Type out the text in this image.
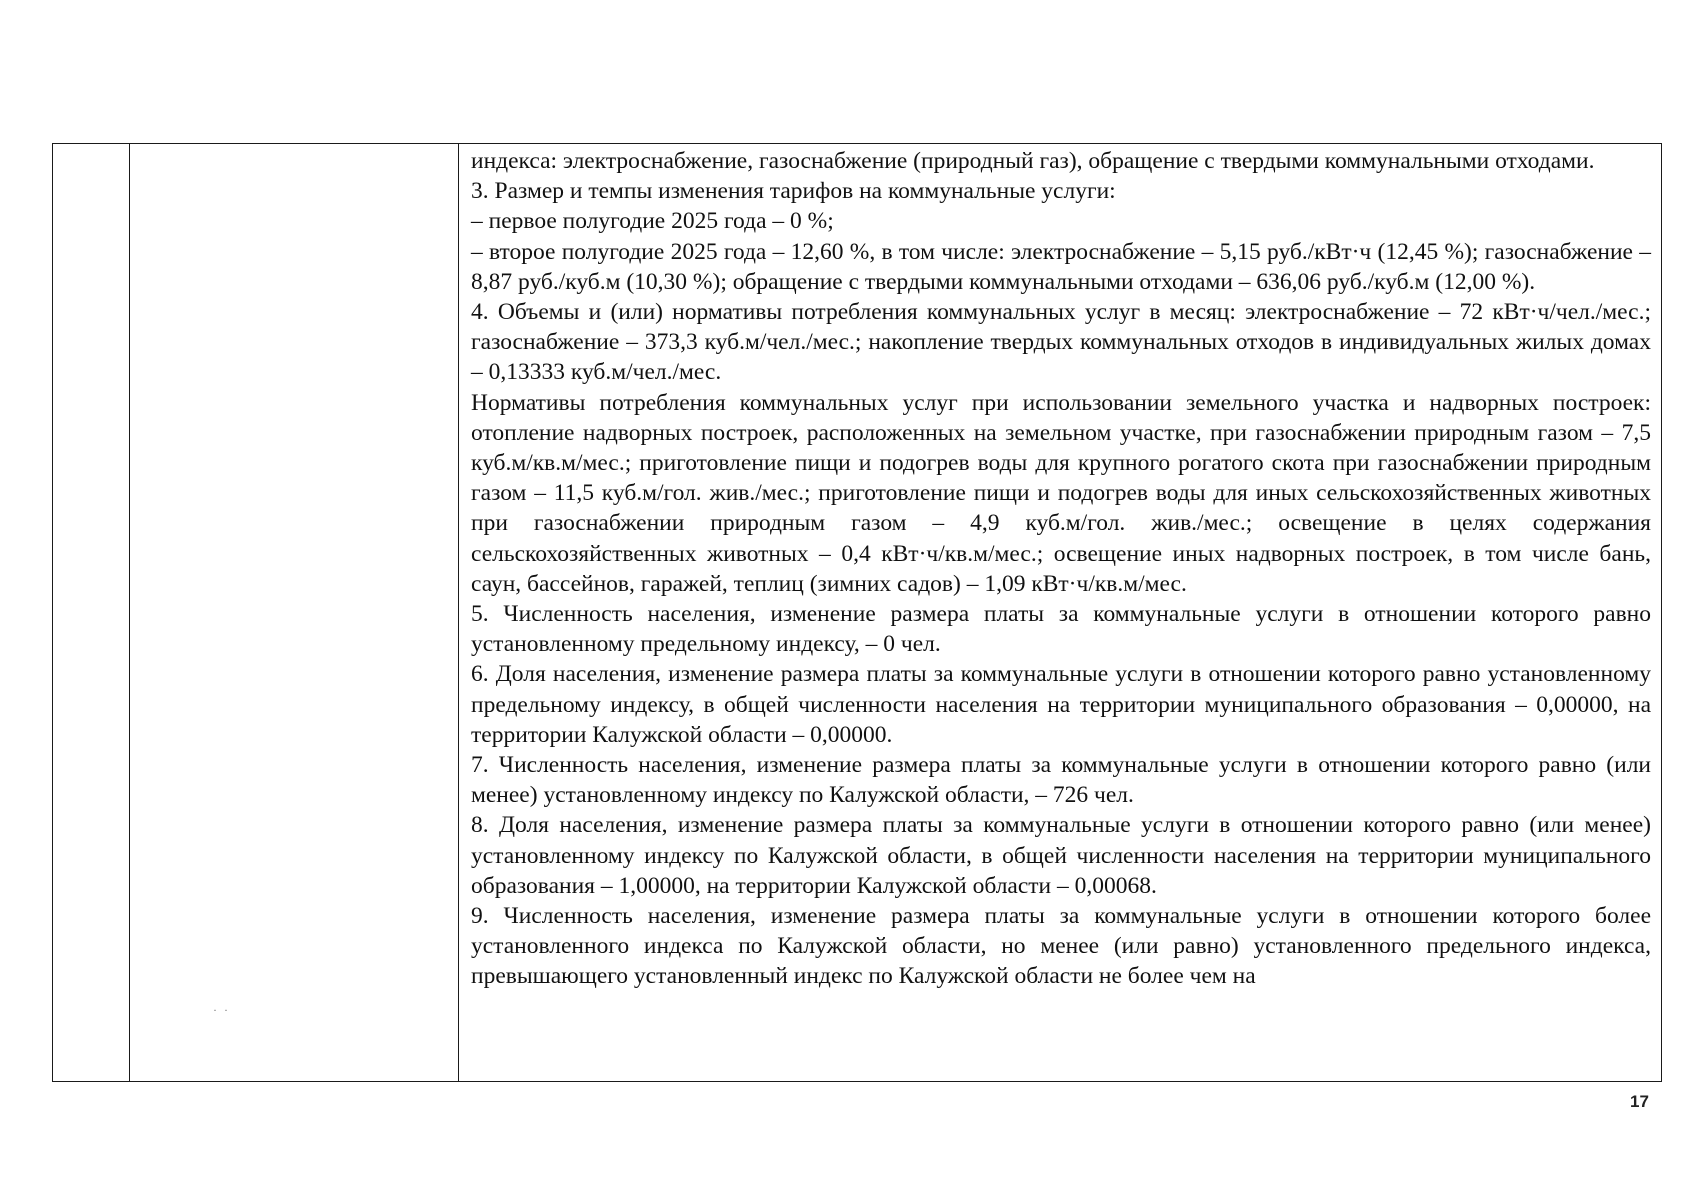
· ·

индекса: электроснабжение, газоснабжение (природный газ), обращение с твердыми коммунальными отходами.

3. Размер и темпы изменения тарифов на коммунальные услуги:

– первое полугодие 2025 года – 0 %;

– второе полугодие 2025 года – 12,60 %, в том числе: электроснабжение – 5,15 руб./кВт·ч (12,45 %); газоснабжение – 8,87 руб./куб.м (10,30 %); обращение с твердыми коммунальными отходами – 636,06 руб./куб.м (12,00 %).

4. Объемы и (или) нормативы потребления коммунальных услуг в месяц: электроснабжение – 72 кВт·ч/чел./мес.; газоснабжение – 373,3 куб.м/чел./мес.; накопление твердых коммунальных отходов в индивидуальных жилых домах – 0,13333 куб.м/чел./мес.

Нормативы потребления коммунальных услуг при использовании земельного участка и надворных построек: отопление надворных построек, расположенных на земельном участке, при газоснабжении природным газом – 7,5 куб.м/кв.м/мес.; приготовление пищи и подогрев воды для крупного рогатого скота при газоснабжении природным газом – 11,5 куб.м/гол. жив./мес.; приготовление пищи и подогрев воды для иных сельскохозяйственных животных при газоснабжении природным газом – 4,9 куб.м/гол. жив./мес.; освещение в целях содержания сельскохозяйственных животных – 0,4 кВт·ч/кв.м/мес.; освещение иных надворных построек, в том числе бань, саун, бассейнов, гаражей, теплиц (зимних садов) – 1,09 кВт·ч/кв.м/мес.

5. Численность населения, изменение размера платы за коммунальные услуги в отношении которого равно установленному предельному индексу, – 0 чел.

6. Доля населения, изменение размера платы за коммунальные услуги в отношении которого равно установленному предельному индексу, в общей численности населения на территории муниципального образования – 0,00000, на территории Калужской области – 0,00000.

7. Численность населения, изменение размера платы за коммунальные услуги в отношении которого равно (или менее) установленному индексу по Калужской области, – 726 чел.

8. Доля населения, изменение размера платы за коммунальные услуги в отношении которого равно (или менее) установленному индексу по Калужской области, в общей численности населения на территории муниципального образования – 1,00000, на территории Калужской области – 0,00068.

9. Численность населения, изменение размера платы за коммунальные услуги в отношении которого более установленного индекса по Калужской области, но менее (или равно) установленного предельного индекса, превышающего установленный индекс по Калужской области не более чем на

17
